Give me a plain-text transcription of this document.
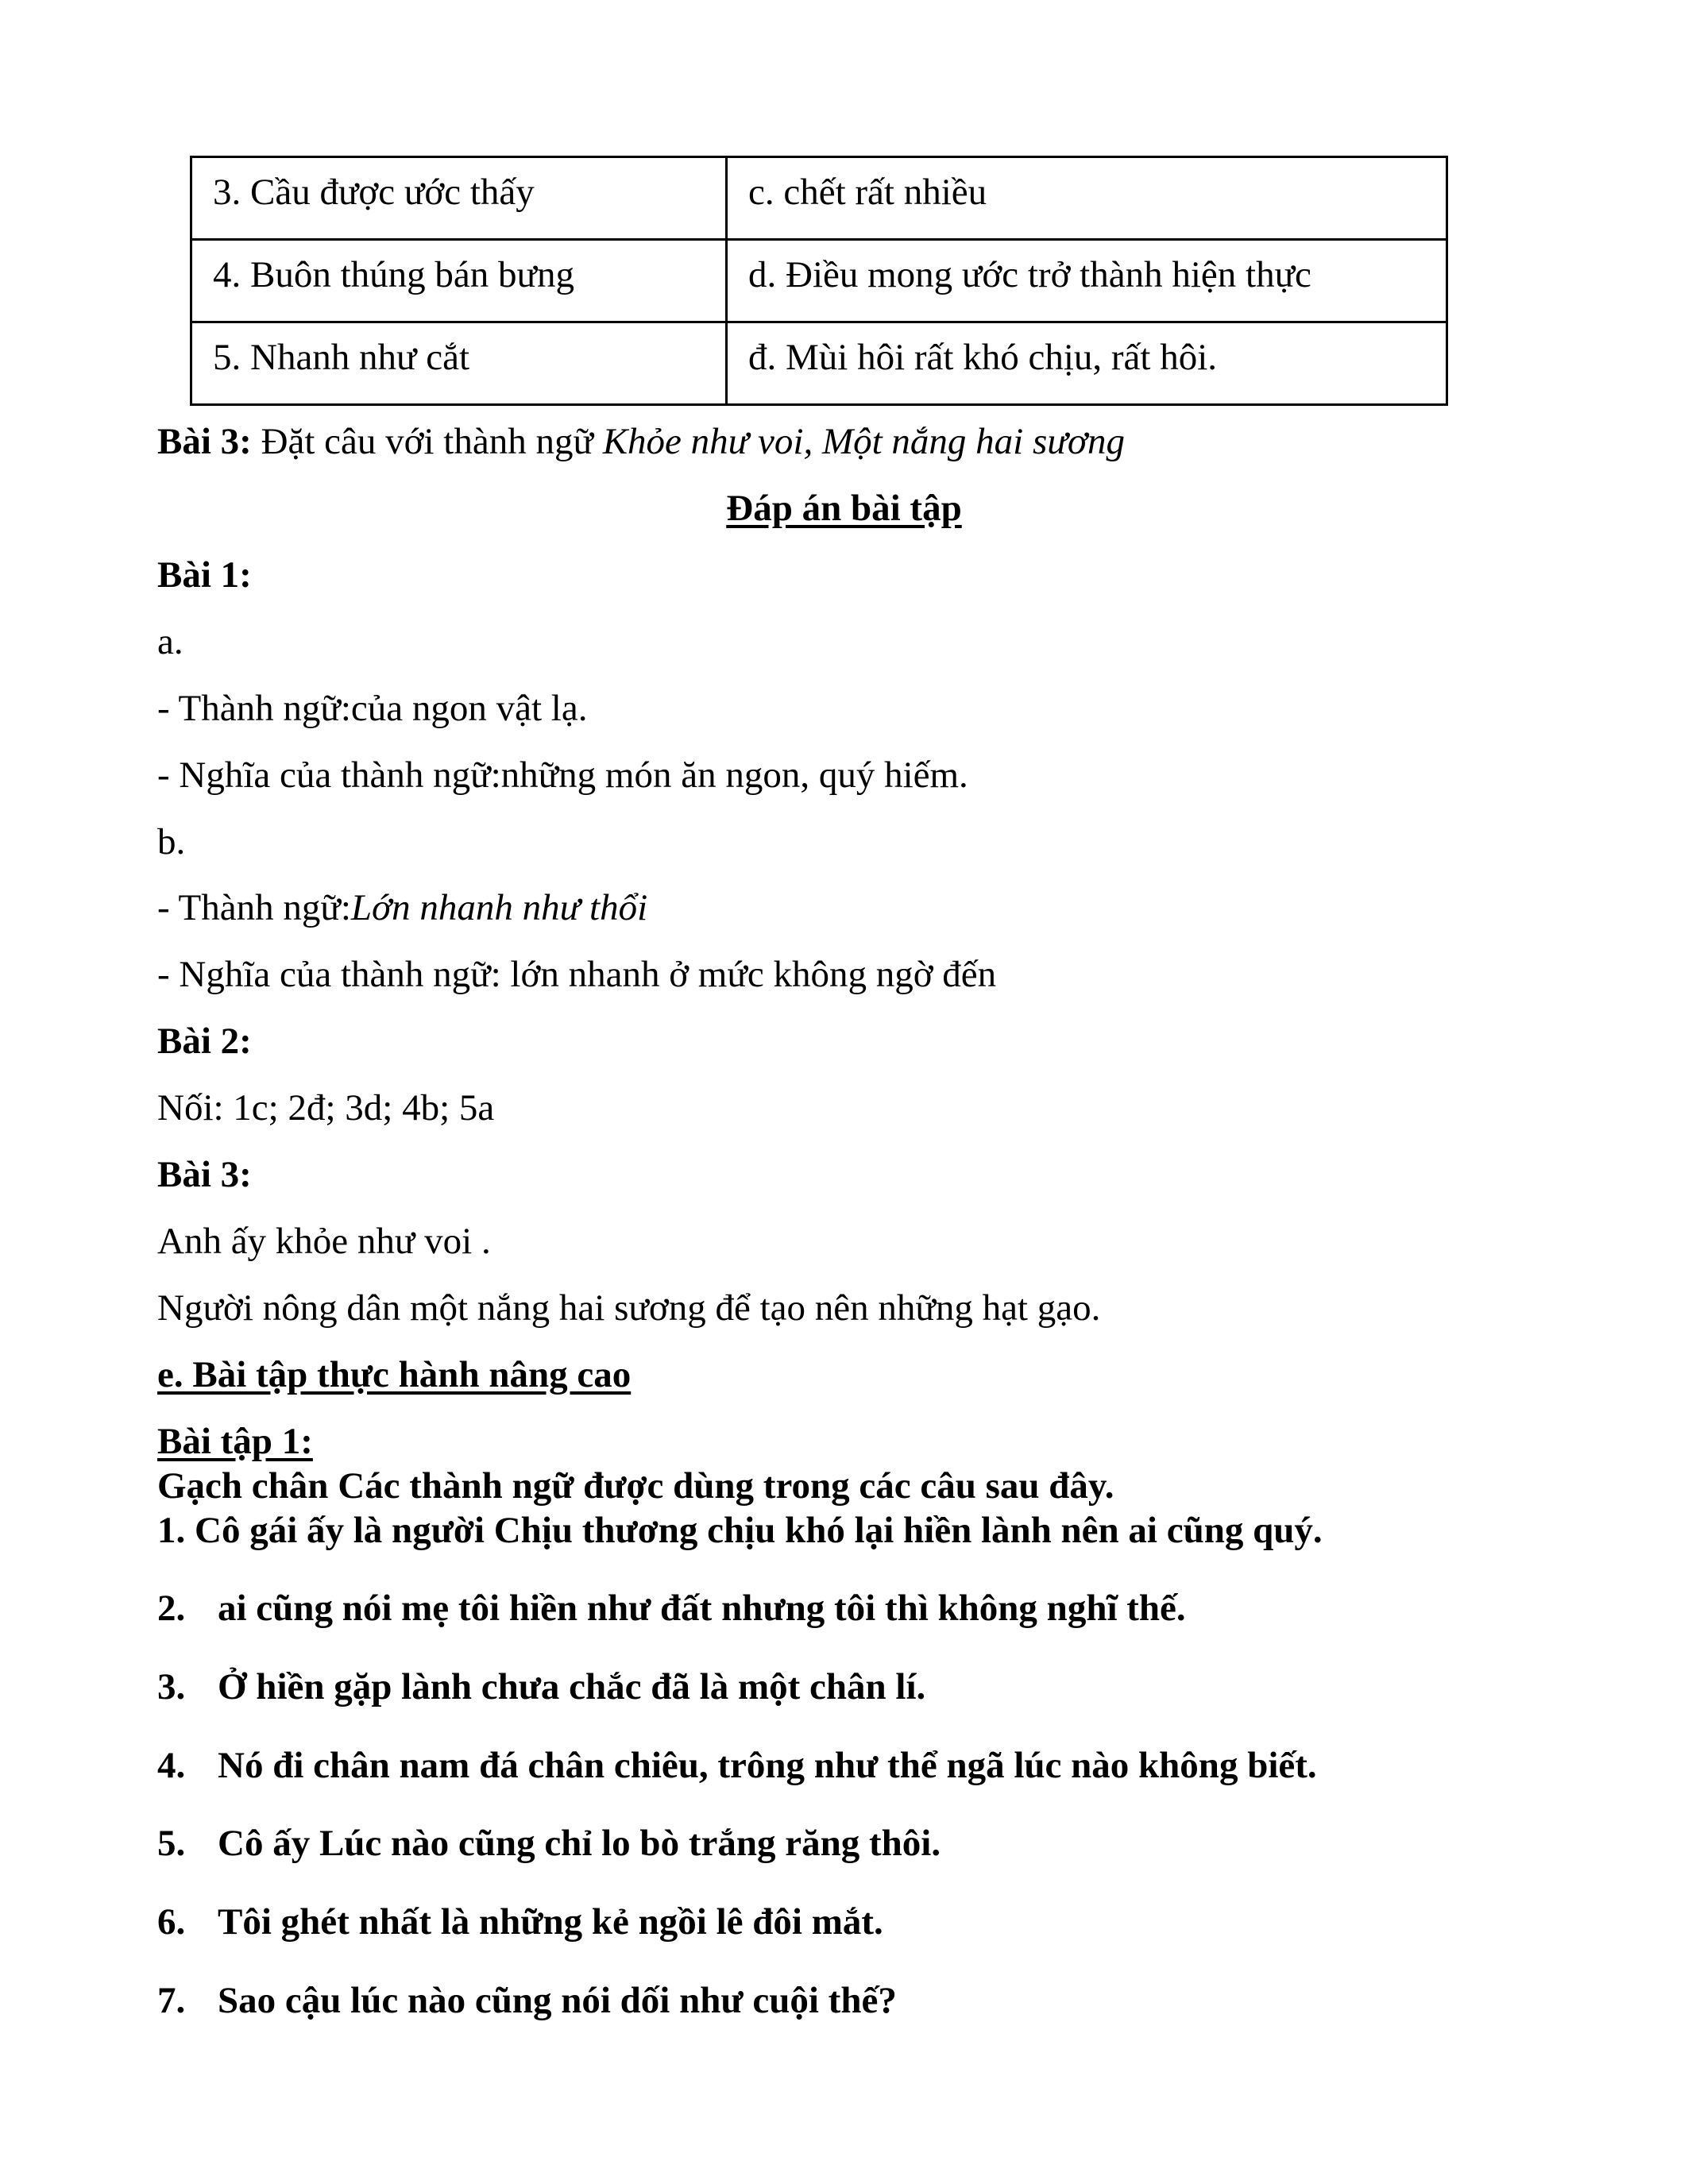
3. Cầu được ước thấy	c. chết rất nhiều
4. Buôn thúng bán bưng	d. Điều mong ước trở thành hiện thực
5. Nhanh như cắt	đ. Mùi hôi rất khó chịu, rất hôi.
Bài 3: Đặt câu với thành ngữ Khỏe như voi, Một nắng hai sương
Đáp án bài tập
Bài 1:
a.
- Thành ngữ:của ngon vật lạ.
- Nghĩa của thành ngữ:những món ăn ngon, quý hiếm.
b.
- Thành ngữ:Lớn nhanh như thổi
- Nghĩa của thành ngữ: lớn nhanh ở mức không ngờ đến
Bài 2:
Nối: 1c; 2đ; 3d; 4b; 5a
Bài 3:
Anh ấy khỏe như voi .
Người nông dân một nắng hai sương để tạo nên những hạt gạo.
e. Bài tập thực hành nâng cao
Bài tập 1:
Gạch chân Các thành ngữ được dùng trong các câu sau đây.
1. Cô gái ấy là người Chịu thương chịu khó lại hiền lành nên ai cũng quý.
2. ai cũng nói mẹ tôi hiền như đất nhưng tôi thì không nghĩ thế.
3. Ở hiền gặp lành chưa chắc đã là một chân lí.
4. Nó đi chân nam đá chân chiêu, trông như thể ngã lúc nào không biết.
5. Cô ấy Lúc nào cũng chỉ lo bò trắng răng thôi.
6. Tôi ghét nhất là những kẻ ngồi lê đôi mắt.
7. Sao cậu lúc nào cũng nói dối như cuội thế?
